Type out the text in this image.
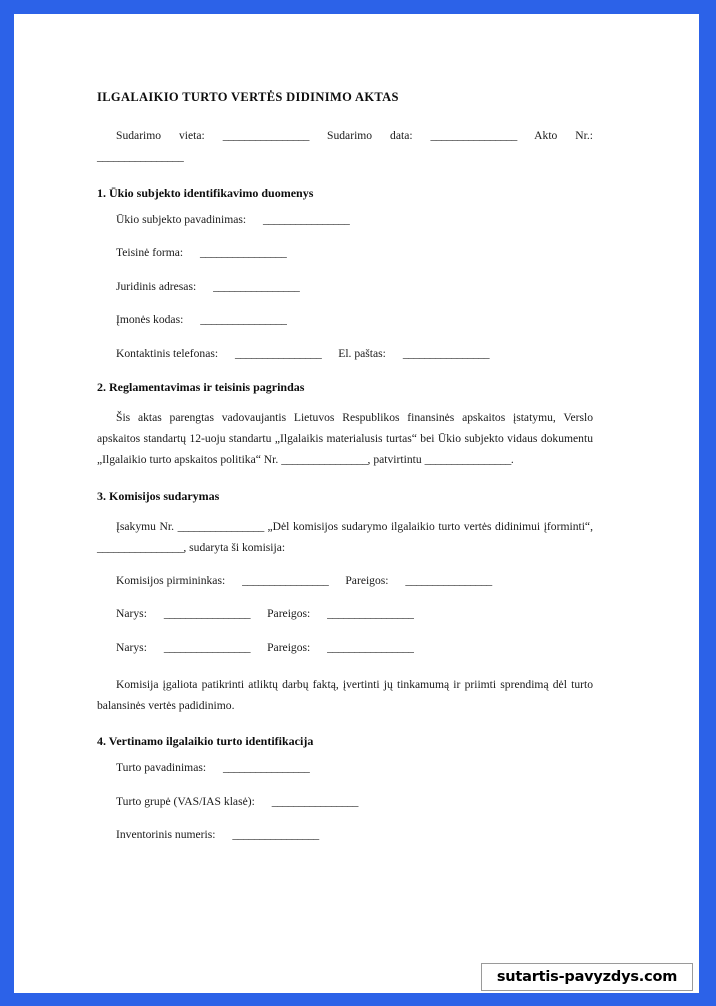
ILGALAIKIO TURTO VERTĖS DIDINIMO AKTAS
Sudarimo vieta: ________________ Sudarimo data: ________________ Akto Nr.:
________________
1. Ūkio subjekto identifikavimo duomenys
Ūkio subjekto pavadinimas: ________________
Teisinė forma: ________________
Juridinis adresas: ________________
Įmonės kodas: ________________
Kontaktinis telefonas: ________________ El. paštas: ________________
2. Reglamentavimas ir teisinis pagrindas
Šis aktas parengtas vadovaujantis Lietuvos Respublikos finansinės apskaitos įstatymu, Verslo apskaitos standartų 12-uoju standartu „Ilgalaikis materialusis turtas“ bei Ūkio subjekto vidaus dokumentu „Ilgalaikio turto apskaitos politika“ Nr. ________________, patvirtintu ________________.
3. Komisijos sudarymas
Įsakymu Nr. ________________ „Dėl komisijos sudarymo ilgalaikio turto vertės didinimui įforminti“, ________________, sudaryta ši komisija:
Komisijos pirmininkas: ________________ Pareigos: ________________
Narys: ________________ Pareigos: ________________
Narys: ________________ Pareigos: ________________
Komisija įgaliota patikrinti atliktų darbų faktą, įvertinti jų tinkamumą ir priimti sprendimą dėl turto balansinės vertės padidinimo.
4. Vertinamo ilgalaikio turto identifikacija
Turto pavadinimas: ________________
Turto grupė (VAS/IAS klasė): ________________
Inventorinis numeris: ________________
sutartis-pavyzdys.com
